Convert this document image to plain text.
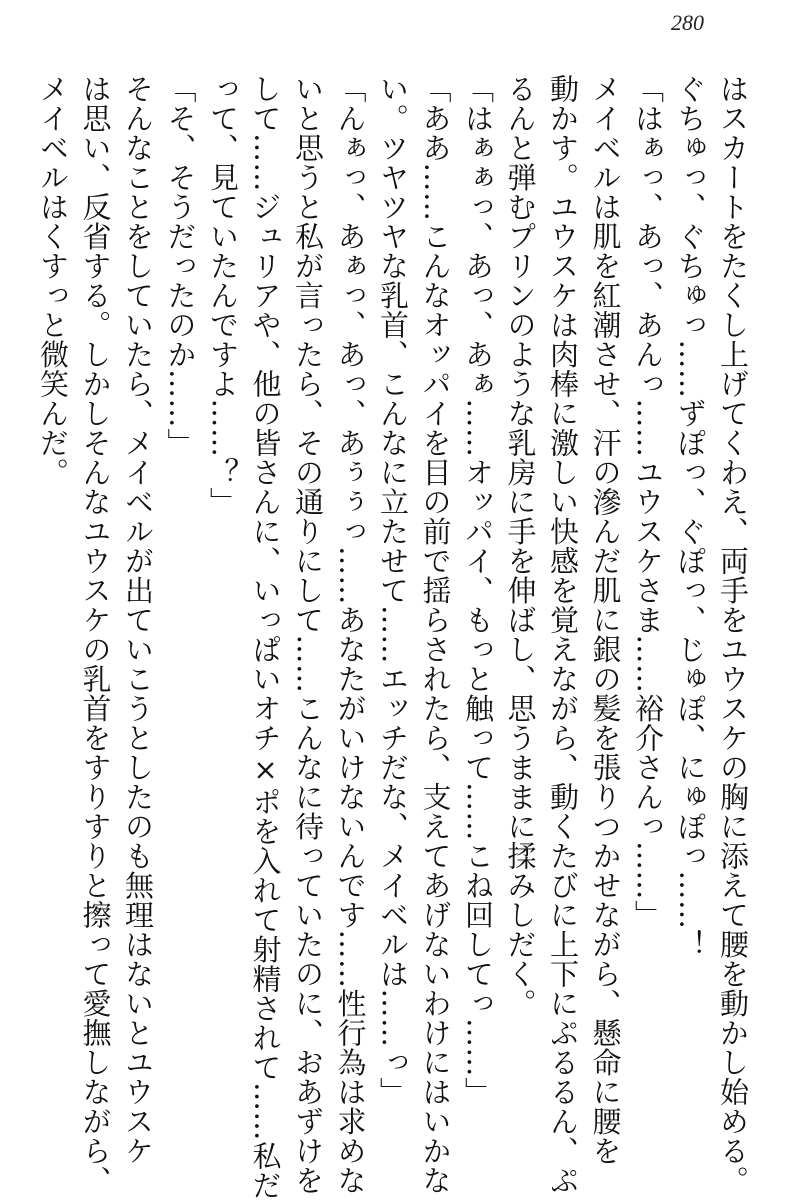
280

はスカートをたくし上げてくわえ、両手をユウスケの胸に添えて腰を動かし始める。

ぐちゅっ、ぐちゅっ……ずぽっ、ぐぽっ、じゅぽ、にゅぽっ……！

「はぁっ、あっ、あんっ……ユウスケさま……裕介さんっ……」

メイベルは肌を紅潮させ、汗の滲んだ肌に銀の髪を張りつかせながら、懸命に腰を

動かす。ユウスケは肉棒に激しい快感を覚えながら、動くたびに上下にぷるるん、ぷ

るんと弾むプリンのような乳房に手を伸ばし、思うままに揉みしだく。

「はぁぁっ、あっ、あぁ……オッパイ、もっと触って……こね回してっ……」

「ああ……こんなオッパイを目の前で揺らされたら、支えてあげないわけにはいかな

い。ツヤツヤな乳首、こんなに立たせて……エッチだな、メイベルは……っ」

「んぁっ、あぁっ、あっ、あぅぅっ……あなたがいけないんです……性行為は求めな

いと思うと私が言ったら、その通りにして……こんなに待っていたのに、おあずけを

して……ジュリアや、他の皆さんに、いっぱいオチ×ポを入れて射精されて……私だ

って、見ていたんですよ……？」

「そ、そうだったのか……」

そんなことをしていたら、メイベルが出ていこうとしたのも無理はないとユウスケ

は思い、反省する。しかしそんなユウスケの乳首をすりすりと擦って愛撫しながら、

メイベルはくすっと微笑んだ。
